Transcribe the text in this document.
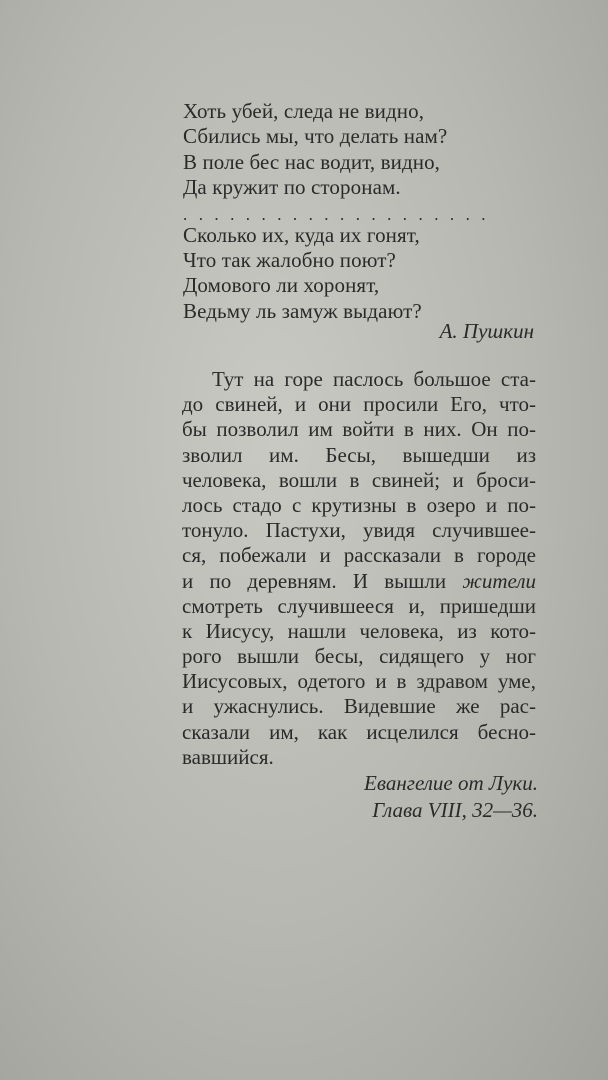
Хоть убей, следа не видно,
Сбились мы, что делать нам?
В поле бес нас водит, видно,
Да кружит по сторонам.
. . . . . . . . . . . . . . . . . . . .
Сколько их, куда их гонят,
Что так жалобно поют?
Домового ли хоронят,
Ведьму ль замуж выдают?
А. Пушкин
Тут на горе паслось большое ста-
до свиней, и они просили Его, что-
бы позволил им войти в них. Он по-
зволил им. Бесы, вышедши из
человека, вошли в свиней; и броси-
лось стадо с крутизны в озеро и по-
тонуло. Пастухи, увидя случившее-
ся, побежали и рассказали в городе
и по деревням. И вышли жители
смотреть случившееся и, пришедши
к Иисусу, нашли человека, из кото-
рого вышли бесы, сидящего у ног
Иисусовых, одетого и в здравом уме,
и ужаснулись. Видевшие же рас-
сказали им, как исцелился бесно-
вавшийся.
Евангелие от Луки.
Глава VIII, 32—36.
